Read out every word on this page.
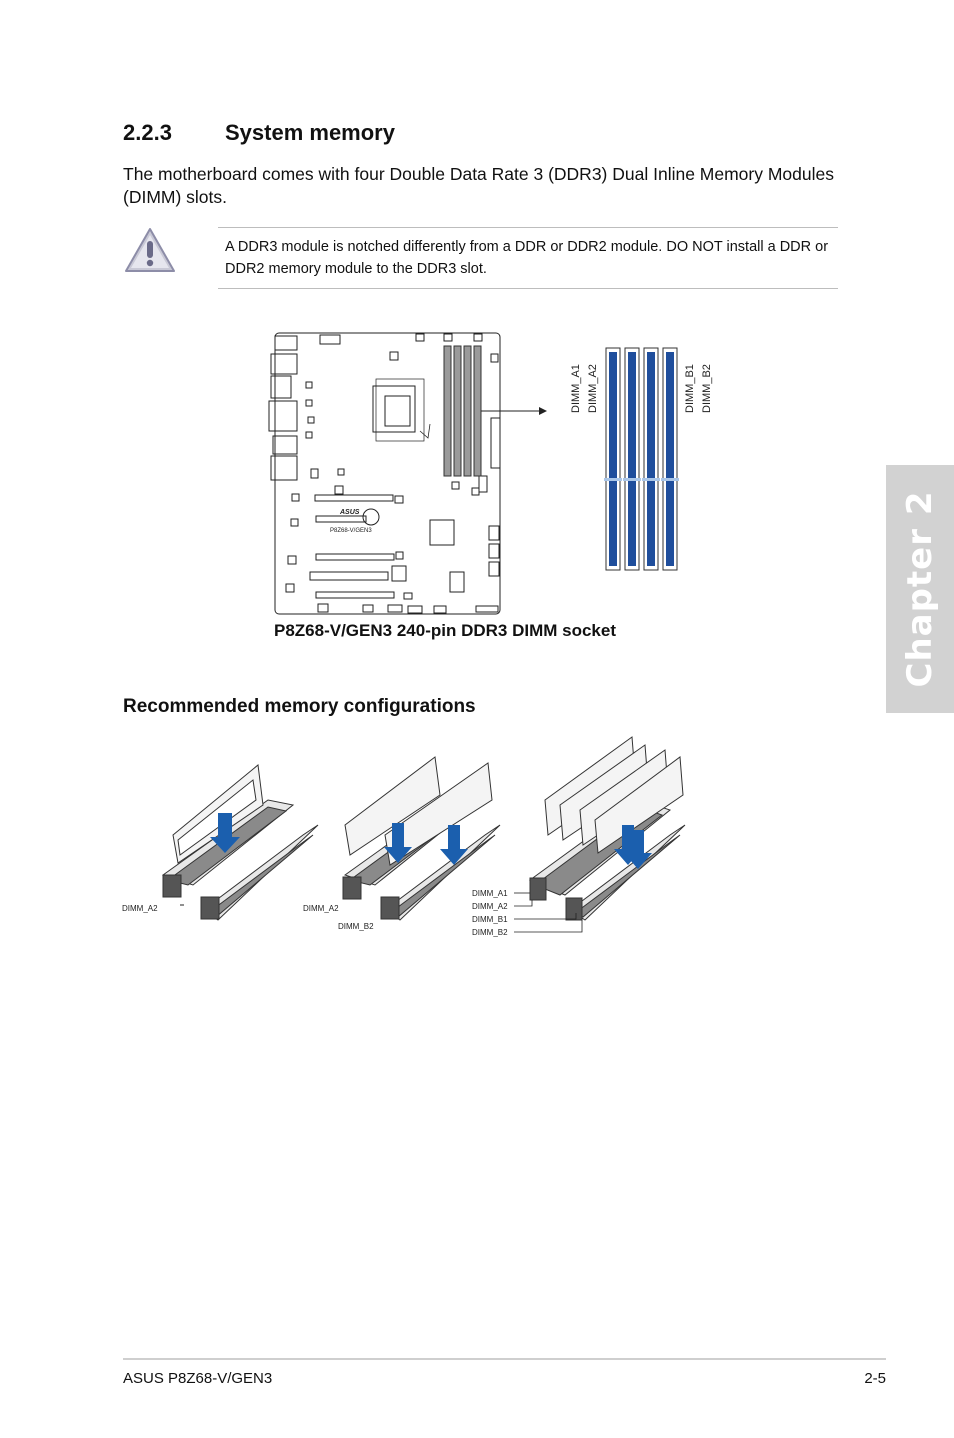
2.2.3 System memory
The motherboard comes with four Double Data Rate 3 (DDR3) Dual Inline Memory Modules (DIMM) slots.
A DDR3 module is notched differently from a DDR or DDR2 module. DO NOT install a DDR or DDR2 memory module to the DDR3 slot.
Chapter 2
ASUS
P8Z68-V/GEN3
DIMM_A1 DIMM_A2	DIMM_B1 DIMM_B2
P8Z68-V/GEN3 240-pin DDR3 DIMM socket
Recommended memory configurations
DIMM_A2	DIMM_A2
DIMM_B2
DIMM_A1
DIMM_A2
DIMM_B1
DIMM_B2
ASUS P8Z68-V/GEN3	2-5
